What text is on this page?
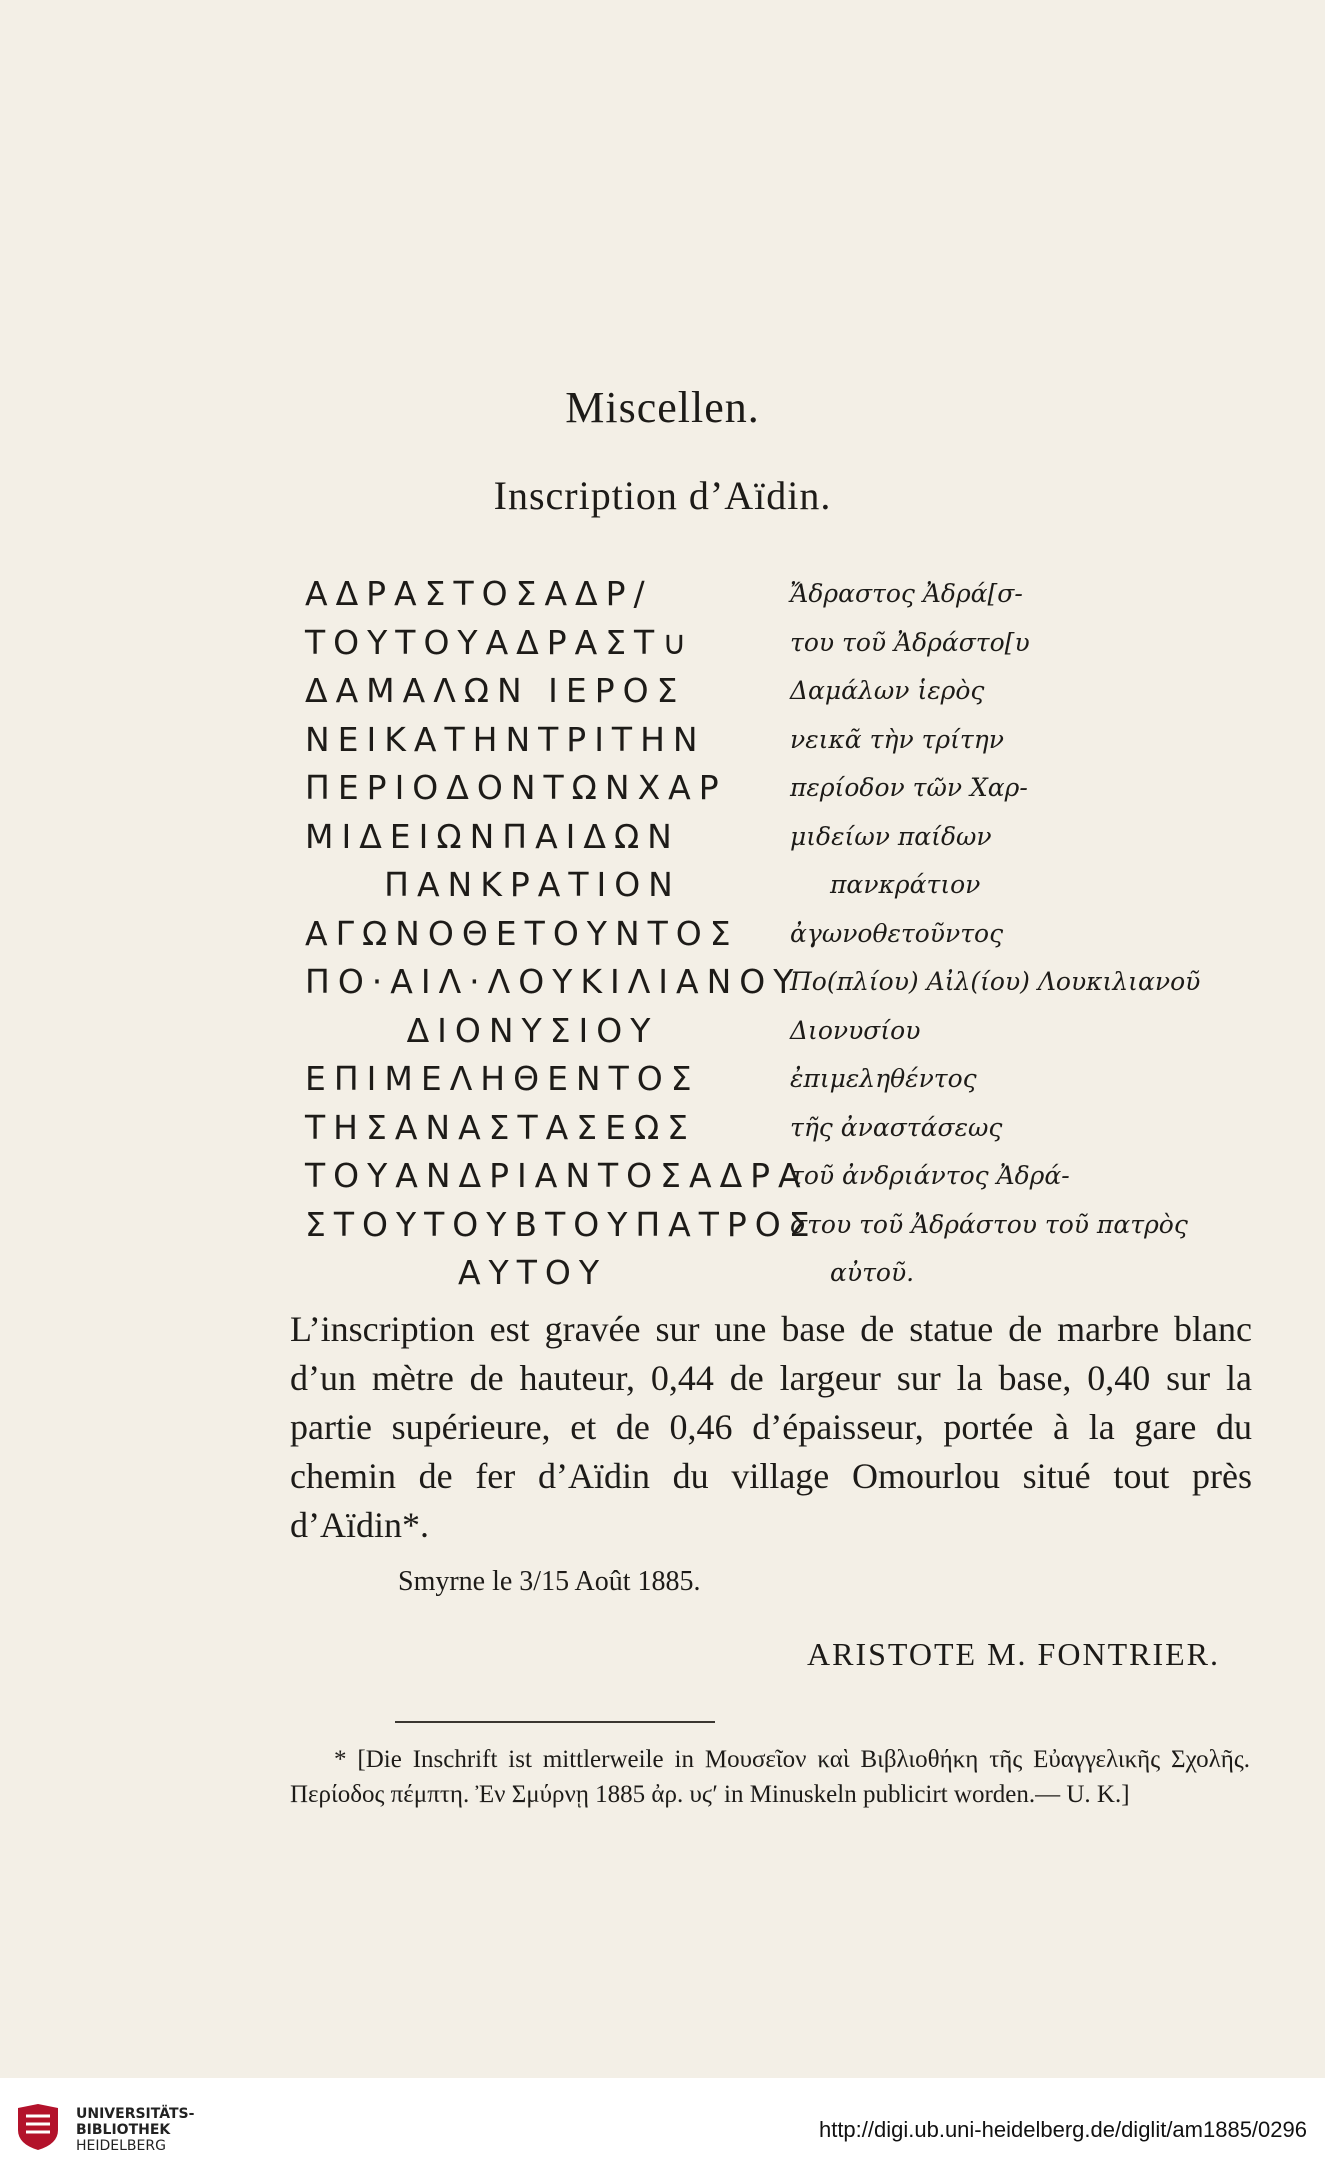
Miscellen.
Inscription d’Aïdin.
ΑΔΡΑΣΤΟΣΑΔΡ/
ΤΟΥΤΟΥΑΔΡΑΣΤ∪
ΔΑΜΑΛΩΝ ΙΕΡΟΣ
ΝΕΙΚΑΤΗΝΤΡΙΤΗΝ
ΠΕΡΙΟΔΟΝΤΩΝΧΑΡ
ΜΙΔΕΙΩΝΠΑΙΔΩΝ
ΠΑΝΚΡΑΤΙΟΝ
ΑΓΩΝΟΘΕΤΟΥΝΤΟΣ
ΠΟ·ΑΙΛ·ΛΟΥΚΙΛΙΑΝΟΥ
ΔΙΟΝΥΣΙΟΥ
ΕΠΙΜΕΛΗΘΕΝΤΟΣ
ΤΗΣΑΝΑΣΤΑΣΕΩΣ
ΤΟΥΑΝΔΡΙΑΝΤΟΣΑΔΡΑ
ΣΤΟΥΤΟΥΒΤΟΥΠΑΤΡΟΣ
ΑΥΤΟΥ
Ἄδραστος Ἀδρά[σ-
του τοῦ Ἀδράστο[υ
Δαμάλων ἱερὸς
νεικᾶ τὴν τρίτην
περίοδον τῶν Χαρ-
μιδείων παίδων
πανκράτιον
ἀγωνοθετοῦντος
Πο(πλίου) Αἰλ(ίου) Λουκιλιανοῦ
Διονυσίου
ἐπιμεληθέντος
τῆς ἀναστάσεως
τοῦ ἀνδριάντος Ἀδρά-
στου τοῦ Ἀδράστου τοῦ πατρὸς
αὐτοῦ.
L’inscription est gravée sur une base de statue de marbre blanc d’un mètre de hauteur, 0,44 de largeur sur la base, 0,40 sur la partie supérieure, et de 0,46 d’épaisseur, portée à la gare du chemin de fer d’Aïdin du village Omourlou situé tout près d’Aïdin*.
Smyrne le 3/15 Août 1885.
ARISTOTE M. FONTRIER.
* [Die Inschrift ist mittlerweile in Μουσεῖον καὶ Βιβλιοθήκη τῆς Εὐαγγελικῆς Σχολῆς. Περίοδος πέμπτη. Ἐν Σμύρνῃ 1885 ἀρ. υϛ′ in Minuskeln publicirt worden.— U. K.]
UNIVERSITÄTS-
BIBLIOTHEK
HEIDELBERG
http://digi.ub.uni-heidelberg.de/diglit/am1885/0296
